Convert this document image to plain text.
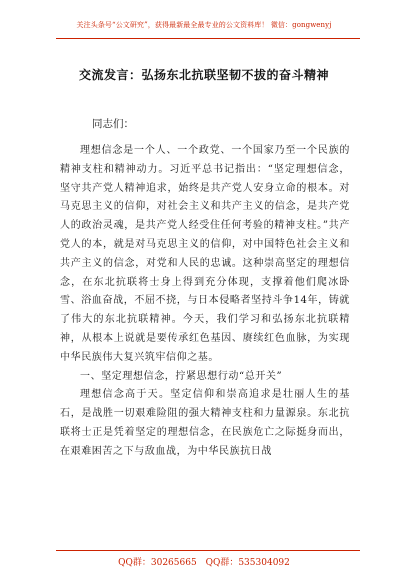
关注头条号“公文研究”，获得最新最全最专业的公文资料库！ 微信：gongwenyj
交流发言：弘扬东北抗联坚韧不拔的奋斗精神
同志们：

理想信念是一个人、一个政党、一个国家乃至一个民族的精神支柱和精神动力。习近平总书记指出：“坚定理想信念，坚守共产党人精神追求，始终是共产党人安身立命的根本。对马克思主义的信仰，对社会主义和共产主义的信念，是共产党人的政治灵魂，是共产党人经受住任何考验的精神支柱。”共产党人的本，就是对马克思主义的信仰，对中国特色社会主义和共产主义的信念，对党和人民的忠诚。这种崇高坚定的理想信念，在东北抗联将士身上得到充分体现，支撑着他们爬冰卧雪、浴血奋战，不屈不挠，与日本侵略者坚持斗争14年，铸就了伟大的东北抗联精神。今天，我们学习和弘扬东北抗联精神，从根本上说就是要传承红色基因、赓续红色血脉，为实现中华民族伟大复兴筑牢信仰之基。

一、坚定理想信念，拧紧思想行动“总开关”

理想信念高于天。坚定信仰和崇高追求是壮丽人生的基石，是战胜一切艰难险阻的强大精神支柱和力量源泉。东北抗联将士正是凭着坚定的理想信念，在民族危亡之际挺身而出，在艰难困苦之下与敌血战，为中华民族抗日战

QQ群：30265665 QQ群：535304092
